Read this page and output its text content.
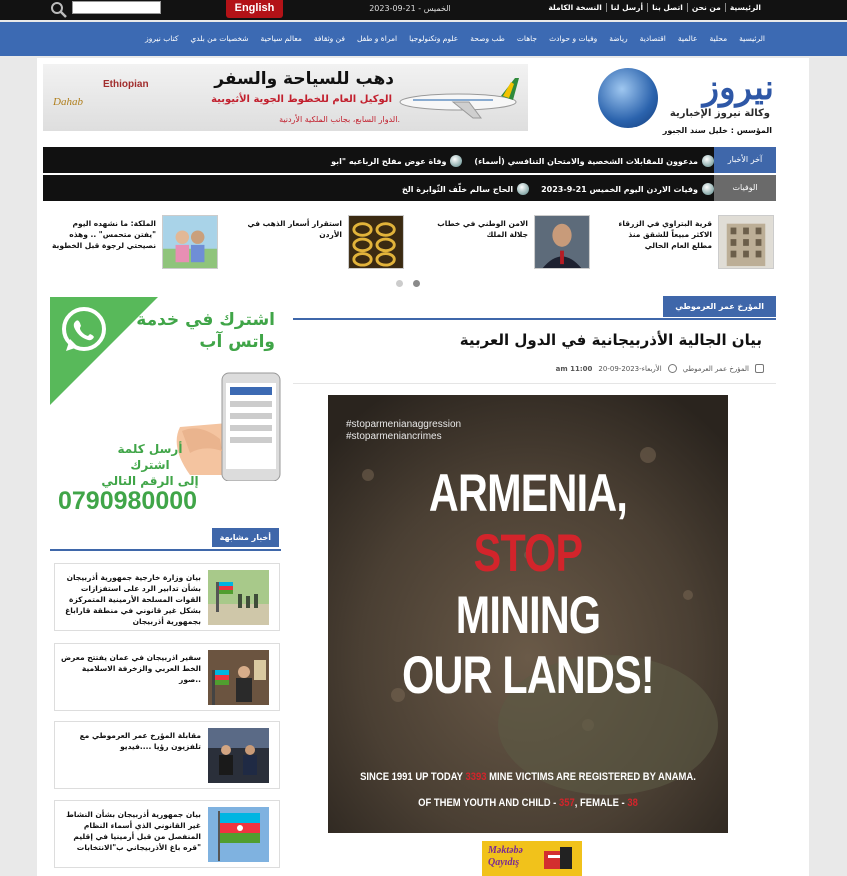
English	الخميس - 21-09-2023	الرئيسية
من نحن
اتصل بنا
أرسل لنا
النسخة الكاملة
الرئيسية
محلية
عالمية
اقتصادية
رياضة
وفيات و حوادث
جاهات
طب وصحة
علوم وتكنولوجيا
امراة و طفل
فن وثقافة
معالم سياحية
شخصيات من بلدي
كتاب نيروز
نيروز
وكالة نيروز الإخبارية
المؤسس : خليل سند الجبور
دهب للسياحة والسفر
الوكيل العام للخطوط الجوية الأثيوبية
الدوار السابع، بجانب الملكية الأردنية.
Ethiopian
Dahab
آخر الأخبار
مدعوون للمقابلات الشخصية والامتحان التنافسي (أسماء)
وفاة عوض مفلح الرباعيه "ابو
الوفيات
وفيات الاردن اليوم الخميس 21-9-2023
الحاج سالم خلّف الثّوابرة الخ
قرية البتراوي في الزرقاء الاكثر مبيعاً للشقق منذ مطلع العام الحالي
الامن الوطني في خطاب جلالة الملك
استقرار أسعار الذهب في الأردن
الملكة: ما نشهده اليوم "يفتن متحمس" .. وهذه نصيحتي لرجوة قبل الخطوبة
اشترك في خدمة
واتس آب
أرسل كلمة اشترك
إلى الرقم التالي
0790980000
أخبار مشابهة
بيان وزارة خارجية جمهورية أذربيجان بشأن تدابير الرد على استفزازات القوات المسلحة الأرمينية المتمركزة بشكل غير قانوني في منطقة قاراباغ بجمهورية أذربيجان
سفير اذربيجان في عمان يفتتح معرض الخط العربي والزخرفة الاسلامية ..صور
مقابلة المؤرخ عمر العرموطي مع تلفزيون رؤيا ....فيديو
بيان جمهورية أذربيجان بشأن النشاط غير القانوني الذي أسماء النظام المنفصل من قبل أرمينيا في إقليم قره باغ الأذربيجاني ب"الانتخابات"
المؤرخ عمر العرموطي
بيان الجالية الأذربيجانية في الدول العربية
المؤرخ عمر العرموطي
الأربعاء-2023-09-20
am 11:00
#stoparmenianaggression
#stoparmeniancrimes
ARMENIA,
STOP
MINING
OUR LANDS!
SINCE 1991 UP TODAY 3393 MINE VICTIMS ARE REGISTERED BY ANAMA.
OF THEM YOUTH AND CHILD - 357, FEMALE - 38
Məktəbə
Qayıdış
